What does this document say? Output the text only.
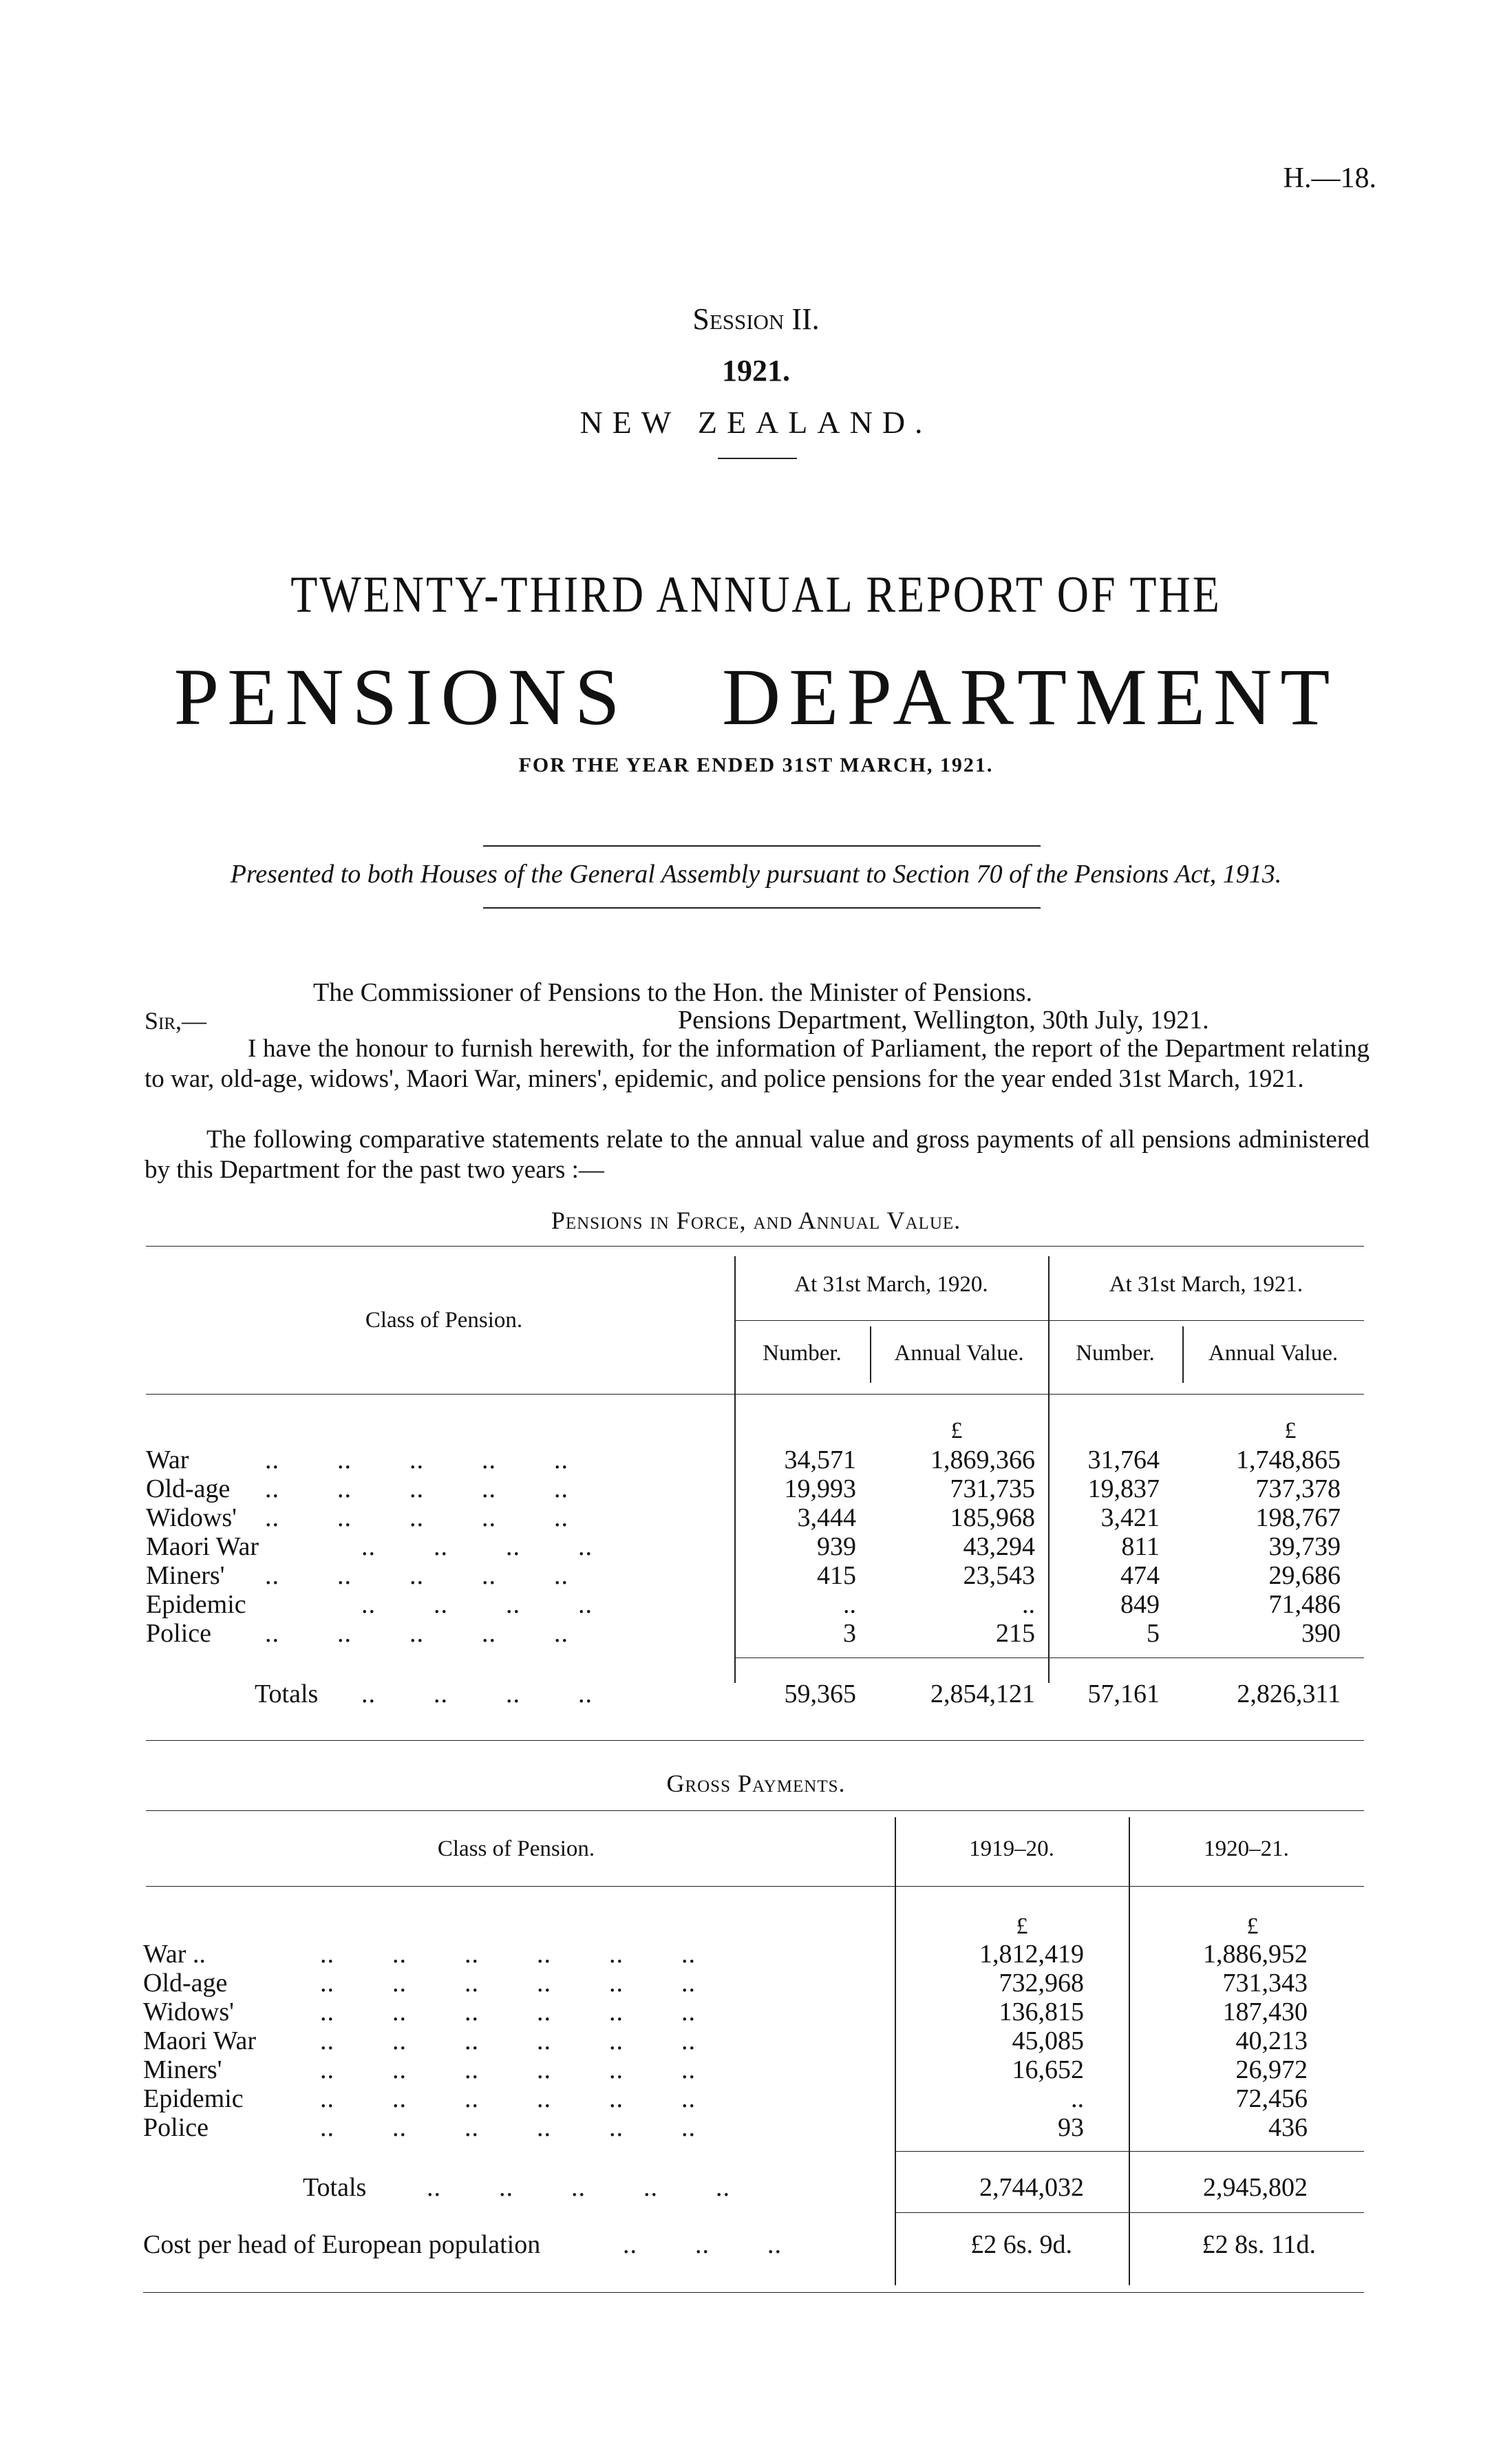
H.—18.
Session II.
1921.
NEW ZEALAND.
TWENTY-THIRD ANNUAL REPORT OF THE
PENSIONS DEPARTMENT
FOR THE YEAR ENDED 31ST MARCH, 1921.
Presented to both Houses of the General Assembly pursuant to Section 70 of the Pensions Act, 1913.
The Commissioner of Pensions to the Hon. the Minister of Pensions.
Sir,—	Pensions Department, Wellington, 30th July, 1921.
I have the honour to furnish herewith, for the information of Parliament, the report of the Department relating to war, old-age, widows', Maori War, miners', epidemic, and police pensions for the year ended 31st March, 1921.
The following comparative statements relate to the annual value and gross payments of all pensions administered by this Department for the past two years :—
Pensions in Force, and Annual Value.
Class of Pension.
At 31st March, 1920.	At 31st March, 1921.
Number.	Annual Value.	Number.	Annual Value.
£	£
War	..        ..        ..        ..        ..	34,571	1,869,366	31,764	1,748,865
Old-age ..        ..        ..        ..        ..	19,993	731,735	19,837	737,378
Widows' ..        ..        ..        ..        ..	3,444	185,968	3,421	198,767
Maori War	..        ..        ..        ..	939	43,294	811	39,739
Miners' ..        ..        ..        ..        ..	415	23,543	474	29,686
Epidemic	..        ..        ..        ..	..	..	849	71,486
Police ..        ..        ..        ..        ..	3	215	5	390
Totals ..        ..        ..        ..	59,365	2,854,121	57,161	2,826,311
Gross Payments.
Class of Pension.	1919–20.	1920–21.
£	£
War ..	..        ..        ..        ..        ..        ..	1,812,419	1,886,952
Old-age	..        ..        ..        ..        ..        ..	732,968	731,343
Widows'	..        ..        ..        ..        ..        ..	136,815	187,430
Maori War ..        ..        ..        ..        ..        ..	45,085	40,213
Miners'	..        ..        ..        ..        ..        ..	16,652	26,972
Epidemic	..        ..        ..        ..        ..        ..	..	72,456
Police	..        ..        ..        ..        ..        ..	93	436
Totals ..        ..        ..        ..        ..	2,744,032	2,945,802
Cost per head of European population	..        ..        ..	£2 6s. 9d.	£2 8s. 11d.
